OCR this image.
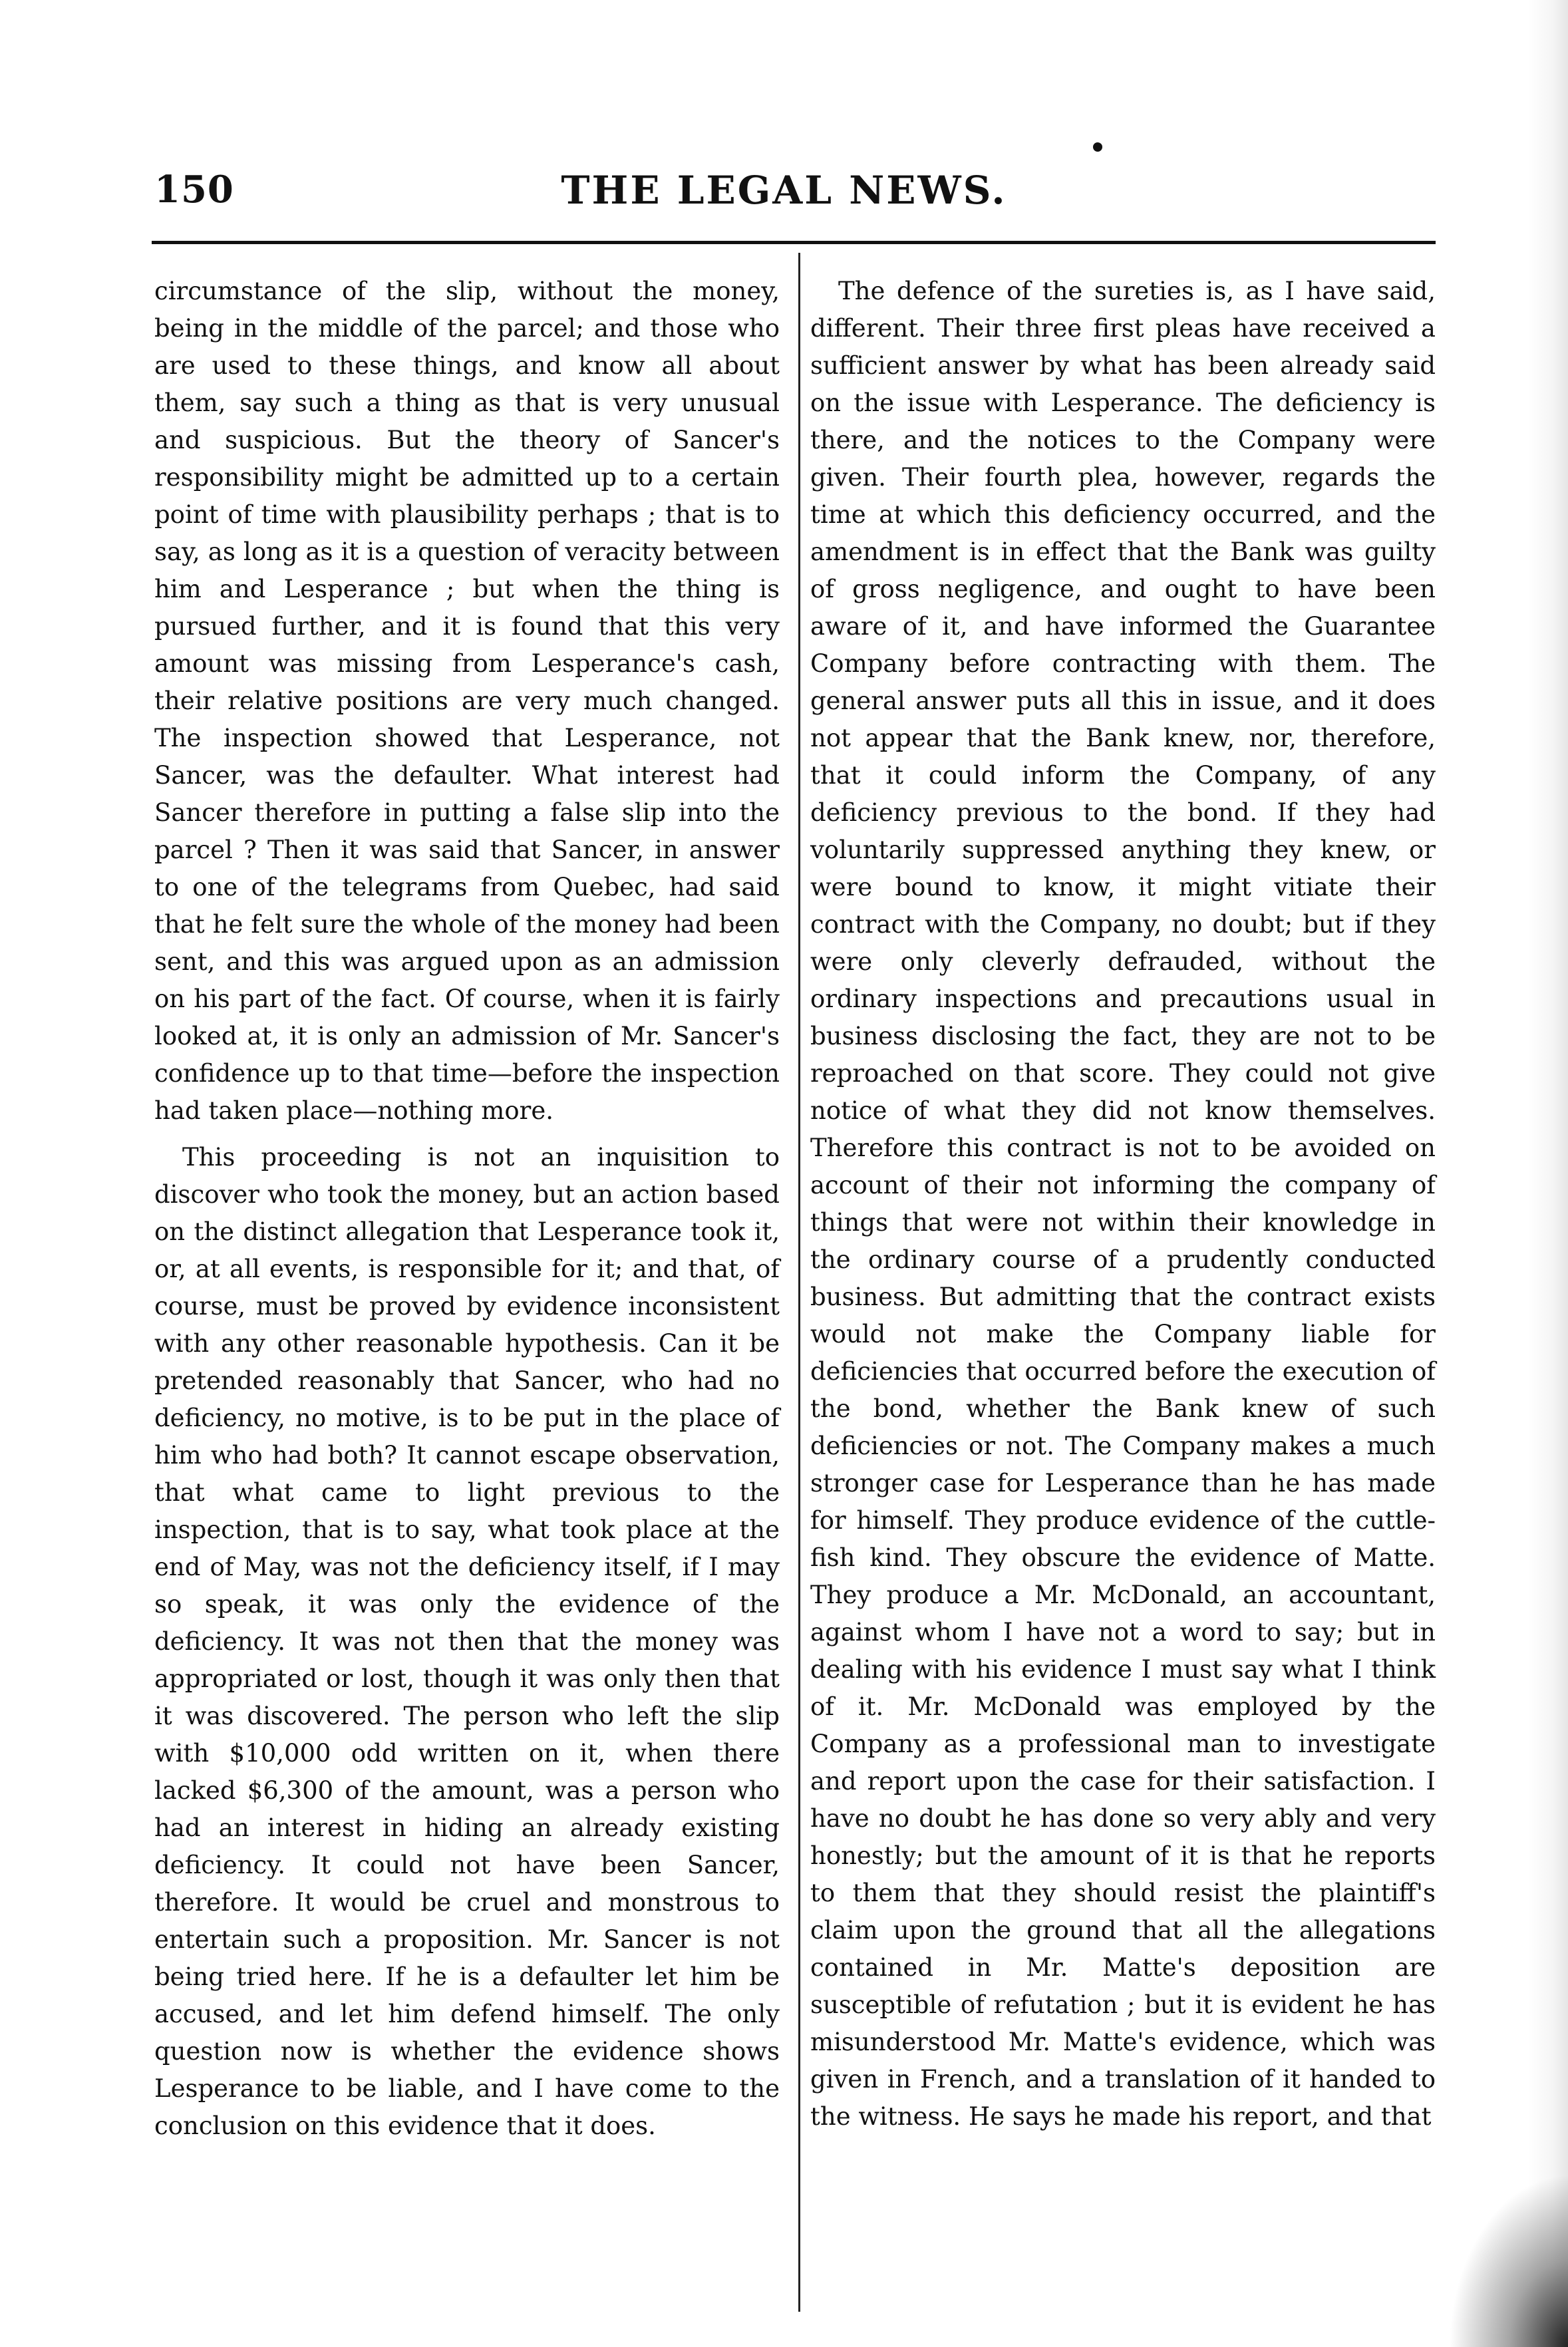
150	THE LEGAL NEWS.

circumstance of the slip, without the money, being in the middle of the parcel; and those who are used to these things, and know all about them, say such a thing as that is very unusual and suspicious. But the theory of Sancer's responsibility might be admitted up to a certain point of time with plausibility perhaps ; that is to say, as long as it is a question of veracity between him and Lesperance ; but when the thing is pursued further, and it is found that this very amount was missing from Lesperance's cash, their relative positions are very much changed. The inspection showed that Lesperance, not Sancer, was the defaulter. What interest had Sancer therefore in putting a false slip into the parcel ? Then it was said that Sancer, in answer to one of the telegrams from Quebec, had said that he felt sure the whole of the money had been sent, and this was argued upon as an admission on his part of the fact. Of course, when it is fairly looked at, it is only an admission of Mr. Sancer's confidence up to that time—before the inspection had taken place—nothing more.

This proceeding is not an inquisition to discover who took the money, but an action based on the distinct allegation that Lesperance took it, or, at all events, is responsible for it; and that, of course, must be proved by evidence inconsistent with any other reasonable hypothesis. Can it be pretended reasonably that Sancer, who had no deficiency, no motive, is to be put in the place of him who had both? It cannot escape observation, that what came to light previous to the inspection, that is to say, what took place at the end of May, was not the deficiency itself, if I may so speak, it was only the evidence of the deficiency. It was not then that the money was appropriated or lost, though it was only then that it was discovered. The person who left the slip with $10,000 odd written on it, when there lacked $6,300 of the amount, was a person who had an interest in hiding an already existing deficiency. It could not have been Sancer, therefore. It would be cruel and monstrous to entertain such a proposition. Mr. Sancer is not being tried here. If he is a defaulter let him be accused, and let him defend himself. The only question now is whether the evidence shows Lesperance to be liable, and I have come to the conclusion on this evidence that it does.

The defence of the sureties is, as I have said, different. Their three first pleas have received a sufficient answer by what has been already said on the issue with Lesperance. The deficiency is there, and the notices to the Company were given. Their fourth plea, however, regards the time at which this deficiency occurred, and the amendment is in effect that the Bank was guilty of gross negligence, and ought to have been aware of it, and have informed the Guarantee Company before contracting with them. The general answer puts all this in issue, and it does not appear that the Bank knew, nor, therefore, that it could inform the Company, of any deficiency previous to the bond. If they had voluntarily suppressed anything they knew, or were bound to know, it might vitiate their contract with the Company, no doubt; but if they were only cleverly defrauded, without the ordinary inspections and precautions usual in business disclosing the fact, they are not to be reproached on that score. They could not give notice of what they did not know themselves. Therefore this contract is not to be avoided on account of their not informing the company of things that were not within their knowledge in the ordinary course of a prudently conducted business. But admitting that the contract exists would not make the Company liable for deficiencies that occurred before the execution of the bond, whether the Bank knew of such deficiencies or not. The Company makes a much stronger case for Lesperance than he has made for himself. They produce evidence of the cuttle-fish kind. They obscure the evidence of Matte. They produce a Mr. McDonald, an accountant, against whom I have not a word to say; but in dealing with his evidence I must say what I think of it. Mr. McDonald was employed by the Company as a professional man to investigate and report upon the case for their satisfaction. I have no doubt he has done so very ably and very honestly; but the amount of it is that he reports to them that they should resist the plaintiff's claim upon the ground that all the allegations contained in Mr. Matte's deposition are susceptible of refutation ; but it is evident he has misunderstood Mr. Matte's evidence, which was given in French, and a translation of it handed to the witness. He says he made his report, and that
